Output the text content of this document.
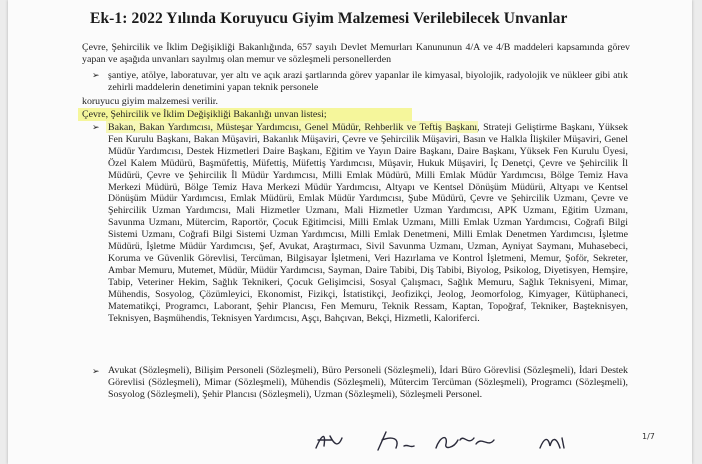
Ek-1: 2022 Yılında Koruyucu Giyim Malzemesi Verilebilecek Unvanlar
Çevre, Şehircilik ve İklim Değişikliği Bakanlığında, 657 sayılı Devlet Memurları Kanununun 4/A ve 4/B maddeleri kapsamında görev yapan ve aşağıda unvanları sayılmış olan memur ve sözleşmeli personellerden
➢ şantiye, atölye, laboratuvar, yer altı ve açık arazi şartlarında görev yapanlar ile kimyasal, biyolojik, radyolojik ve nükleer gibi atık zehirli maddelerin denetimini yapan teknik personele
koruyucu giyim malzemesi verilir.
Çevre, Şehircilik ve İklim Değişikliği Bakanlığı unvan listesi;
➢ Bakan, Bakan Yardımcısı, Müsteşar Yardımcısı, Genel Müdür, Rehberlik ve Teftiş Başkanı, Strateji Geliştirme Başkanı, Yüksek Fen Kurulu Başkanı, Bakan Müşaviri, Bakanlık Müşaviri, Çevre ve Şehircilik Müşaviri, Basın ve Halkla İlişkiler Müşaviri, Genel Müdür Yardımcısı, Destek Hizmetleri Daire Başkanı, Eğitim ve Yayın Daire Başkanı, Daire Başkanı, Yüksek Fen Kurulu Üyesi, Özel Kalem Müdürü, Başmüfettiş, Müfettiş, Müfettiş Yardımcısı, Müşavir, Hukuk Müşaviri, İç Denetçi, Çevre ve Şehircilik İl Müdürü, Çevre ve Şehircilik İl Müdür Yardımcısı, Milli Emlak Müdürü, Milli Emlak Müdür Yardımcısı, Bölge Temiz Hava Merkezi Müdürü, Bölge Temiz Hava Merkezi Müdür Yardımcısı, Altyapı ve Kentsel Dönüşüm Müdürü, Altyapı ve Kentsel Dönüşüm Müdür Yardımcısı, Emlak Müdürü, Emlak Müdür Yardımcısı, Şube Müdürü, Çevre ve Şehircilik Uzmanı, Çevre ve Şehircilik Uzman Yardımcısı, Mali Hizmetler Uzmanı, Mali Hizmetler Uzman Yardımcısı, APK Uzmanı, Eğitim Uzmanı, Savunma Uzmanı, Mütercim, Raportör, Çocuk Eğitimcisi, Milli Emlak Uzmanı, Milli Emlak Uzman Yardımcısı, Coğrafi Bilgi Sistemi Uzmanı, Coğrafi Bilgi Sistemi Uzman Yardımcısı, Milli Emlak Denetmeni, Milli Emlak Denetmen Yardımcısı, İşletme Müdürü, İşletme Müdür Yardımcısı, Şef, Avukat, Araştırmacı, Sivil Savunma Uzmanı, Uzman, Ayniyat Saymanı, Muhasebeci, Koruma ve Güvenlik Görevlisi, Tercüman, Bilgisayar İşletmeni, Veri Hazırlama ve Kontrol İşletmeni, Memur, Şoför, Sekreter, Ambar Memuru, Mutemet, Müdür, Müdür Yardımcısı, Sayman, Daire Tabibi, Diş Tabibi, Biyolog, Psikolog, Diyetisyen, Hemşire, Tabip, Veteriner Hekim, Sağlık Teknikeri, Çocuk Gelişimcisi, Sosyal Çalışmacı, Sağlık Memuru, Sağlık Teknisyeni, Mimar, Mühendis, Sosyolog, Çözümleyici, Ekonomist, Fizikçi, İstatistikçi, Jeofizikçi, Jeolog, Jeomorfolog, Kimyager, Kütüphaneci, Matematikçi, Programcı, Laborant, Şehir Plancısı, Fen Memuru, Teknik Ressam, Kaptan, Topoğraf, Tekniker, Başteknisyen, Teknisyen, Başmühendis, Teknisyen Yardımcısı, Aşçı, Bahçıvan, Bekçi, Hizmetli, Kaloriferci.
➢ Avukat (Sözleşmeli), Bilişim Personeli (Sözleşmeli), Büro Personeli (Sözleşmeli), İdari Büro Görevlisi (Sözleşmeli), İdari Destek Görevlisi (Sözleşmeli), Mimar (Sözleşmeli), Mühendis (Sözleşmeli), Mütercim Tercüman (Sözleşmeli), Programcı (Sözleşmeli), Sosyolog (Sözleşmeli), Şehir Plancısı (Sözleşmeli), Uzman (Sözleşmeli), Sözleşmeli Personel.
1/7
